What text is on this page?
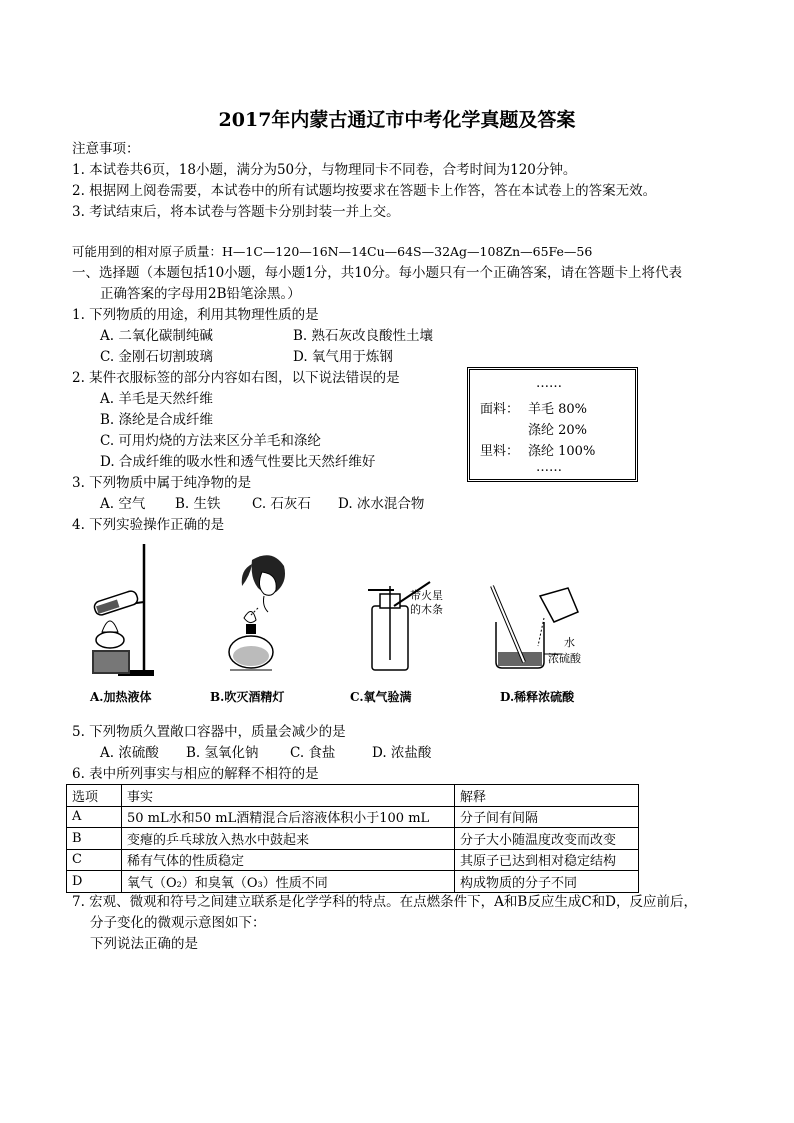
2017年内蒙古通辽市中考化学真题及答案
注意事项：
1. 本试卷共6页，18小题，满分为50分，与物理同卡不同卷，合考时间为120分钟。
2. 根据网上阅卷需要，本试卷中的所有试题均按要求在答题卡上作答，答在本试卷上的答案无效。
3. 考试结束后，将本试卷与答题卡分别封装一并上交。
可能用到的相对原子质量：H—1C—120—16N—14Cu—64S—32Ag—108Zn—65Fe—56
一、选择题（本题包括10小题，每小题1分，共10分。每小题只有一个正确答案，请在答题卡上将代表
正确答案的字母用2B铅笔涂黑。）
1. 下列物质的用途，利用其物理性质的是
A. 二氧化碳制纯碱	B. 熟石灰改良酸性土壤
C. 金刚石切割玻璃	D. 氧气用于炼钢
2. 某件衣服标签的部分内容如右图，以下说法错误的是
A. 羊毛是天然纤维
B. 涤纶是合成纤维
C. 可用灼烧的方法来区分羊毛和涤纶
D. 合成纤维的吸水性和透气性要比天然纤维好
……
面料： 羊毛 80%
涤纶 20%
里料： 涤纶 100%
……
3. 下列物质中属于纯净物的是
A. 空气 B. 生铁 C. 石灰石 D. 冰水混合物
4. 下列实验操作正确的是
A.加热液体	B.吹灭酒精灯
带火星
的木条
C.氧气验满
水
浓硫酸
D.稀释浓硫酸
5. 下列物质久置敞口容器中，质量会减少的是
A. 浓硫酸 B. 氢氧化钠 C. 食盐	D. 浓盐酸
6. 表中所列事实与相应的解释不相符的是
选项	事实	解释
A	50 mL水和50 mL酒精混合后溶液体积小于100 mL	分子间有间隔
B	变瘪的乒乓球放入热水中鼓起来	分子大小随温度改变而改变
C	稀有气体的性质稳定	其原子已达到相对稳定结构
D	氧气（O₂）和臭氧（O₃）性质不同	构成物质的分子不同
7. 宏观、微观和符号之间建立联系是化学学科的特点。在点燃条件下，A和B反应生成C和D，反应前后，
分子变化的微观示意图如下：
下列说法正确的是
